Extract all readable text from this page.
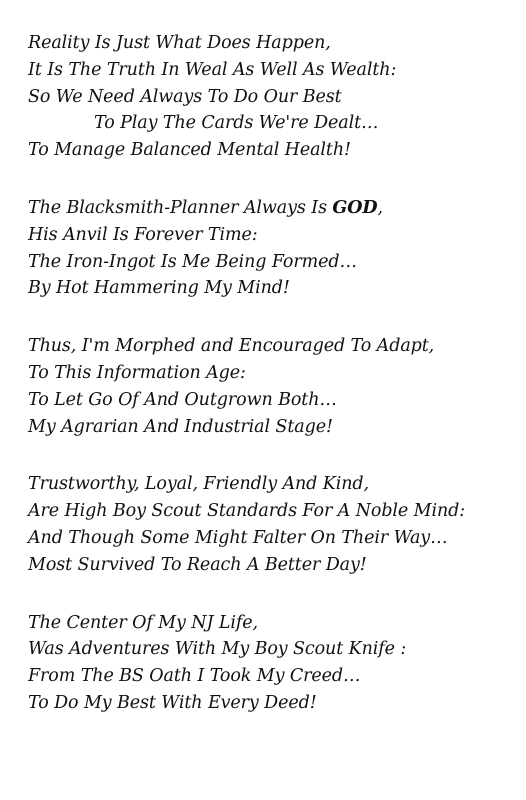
Reality Is Just What Does Happen,
It Is The Truth In Weal As Well As Wealth:
So We Need Always To Do Our Best
To Play The Cards We're Dealt…
To Manage Balanced Mental Health!
The Blacksmith-Planner Always Is GOD,
His Anvil Is Forever Time:
The Iron-Ingot Is Me Being Formed…
By Hot Hammering My Mind!
Thus, I'm Morphed and Encouraged To Adapt,
To This Information Age:
To Let Go Of And Outgrown Both…
My Agrarian And Industrial Stage!
Trustworthy, Loyal, Friendly And Kind,
Are High Boy Scout Standards For A Noble Mind:
And Though Some Might Falter On Their Way…
Most Survived To Reach A Better Day!
The Center Of My NJ Life,
Was Adventures With My Boy Scout Knife :
From The BS Oath I Took My Creed…
To Do My Best With Every Deed!
